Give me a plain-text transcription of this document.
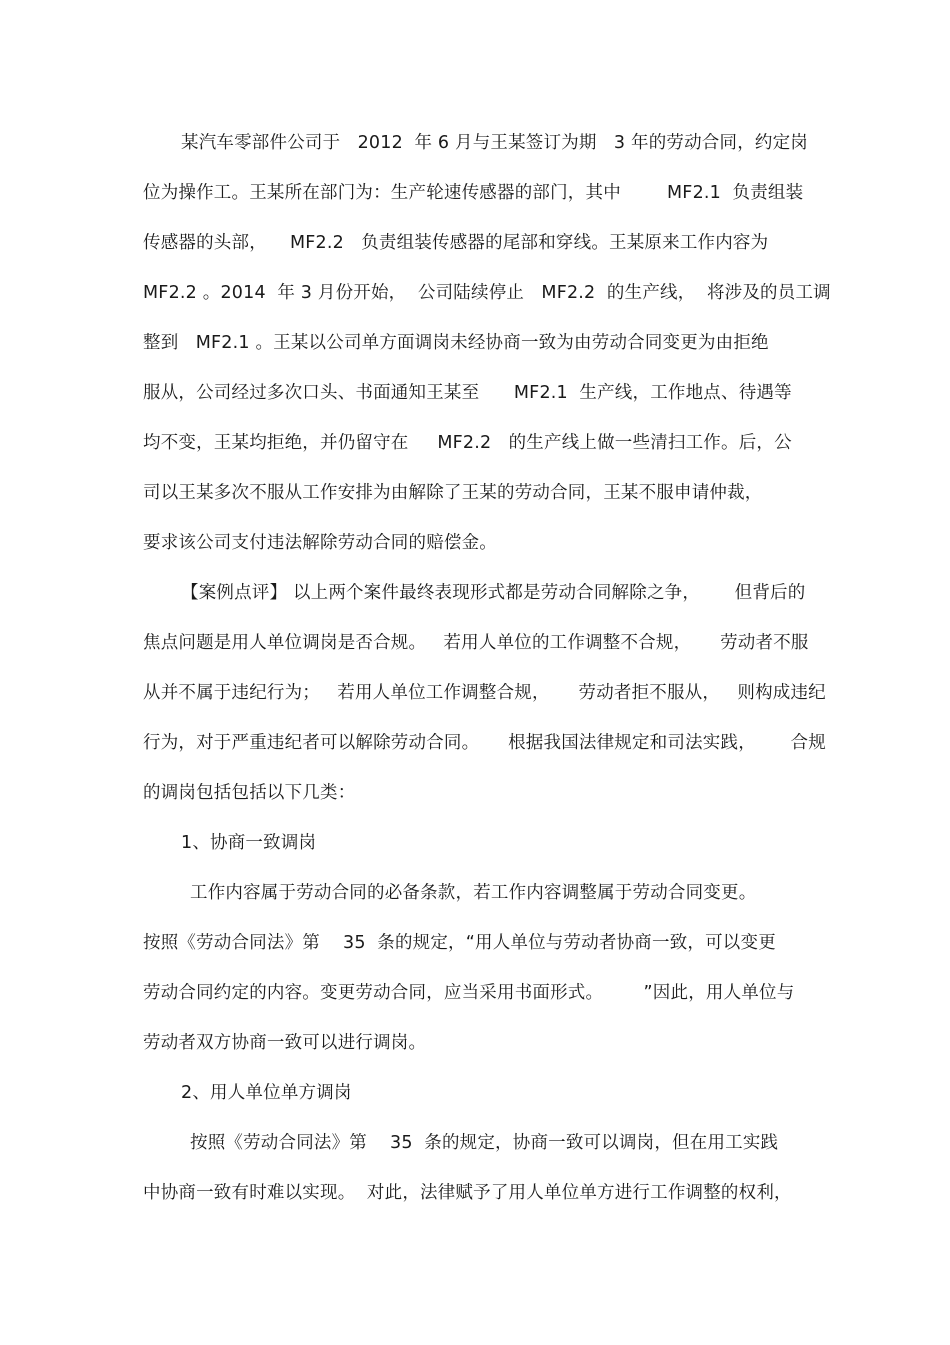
某汽车零部件公司于   2012  年 6 月与王某签订为期   3 年的劳动合同，约定岗
位为操作工。王某所在部门为：生产轮速传感器的部门，其中        MF2.1  负责组装
传感器的头部，    MF2.2   负责组装传感器的尾部和穿线。王某原来工作内容为
MF2.2 。2014  年 3 月份开始，  公司陆续停止   MF2.2  的生产线，  将涉及的员工调
整到   MF2.1 。王某以公司单方面调岗未经协商一致为由劳动合同变更为由拒绝
服从，公司经过多次口头、书面通知王某至      MF2.1  生产线，工作地点、待遇等
均不变，王某均拒绝，并仍留守在     MF2.2   的生产线上做一些清扫工作。后，公
司以王某多次不服从工作安排为由解除了王某的劳动合同，王某不服申请仲裁，
要求该公司支付违法解除劳动合同的赔偿金。
【案例点评】 以上两个案件最终表现形式都是劳动合同解除之争，      但背后的
焦点问题是用人单位调岗是否合规。   若用人单位的工作调整不合规，     劳动者不服
从并不属于违纪行为；   若用人单位工作调整合规，     劳动者拒不服从，   则构成违纪
行为，对于严重违纪者可以解除劳动合同。     根据我国法律规定和司法实践，      合规
的调岗包括包括以下几类：
1、协商一致调岗
工作内容属于劳动合同的必备条款，若工作内容调整属于劳动合同变更。
按照《劳动合同法》第    35  条的规定，“用人单位与劳动者协商一致，可以变更
劳动合同约定的内容。变更劳动合同，应当采用书面形式。       ”因此，用人单位与
劳动者双方协商一致可以进行调岗。
2、用人单位单方调岗
按照《劳动合同法》第    35  条的规定，协商一致可以调岗，但在用工实践
中协商一致有时难以实现。  对此，法律赋予了用人单位单方进行工作调整的权利，
